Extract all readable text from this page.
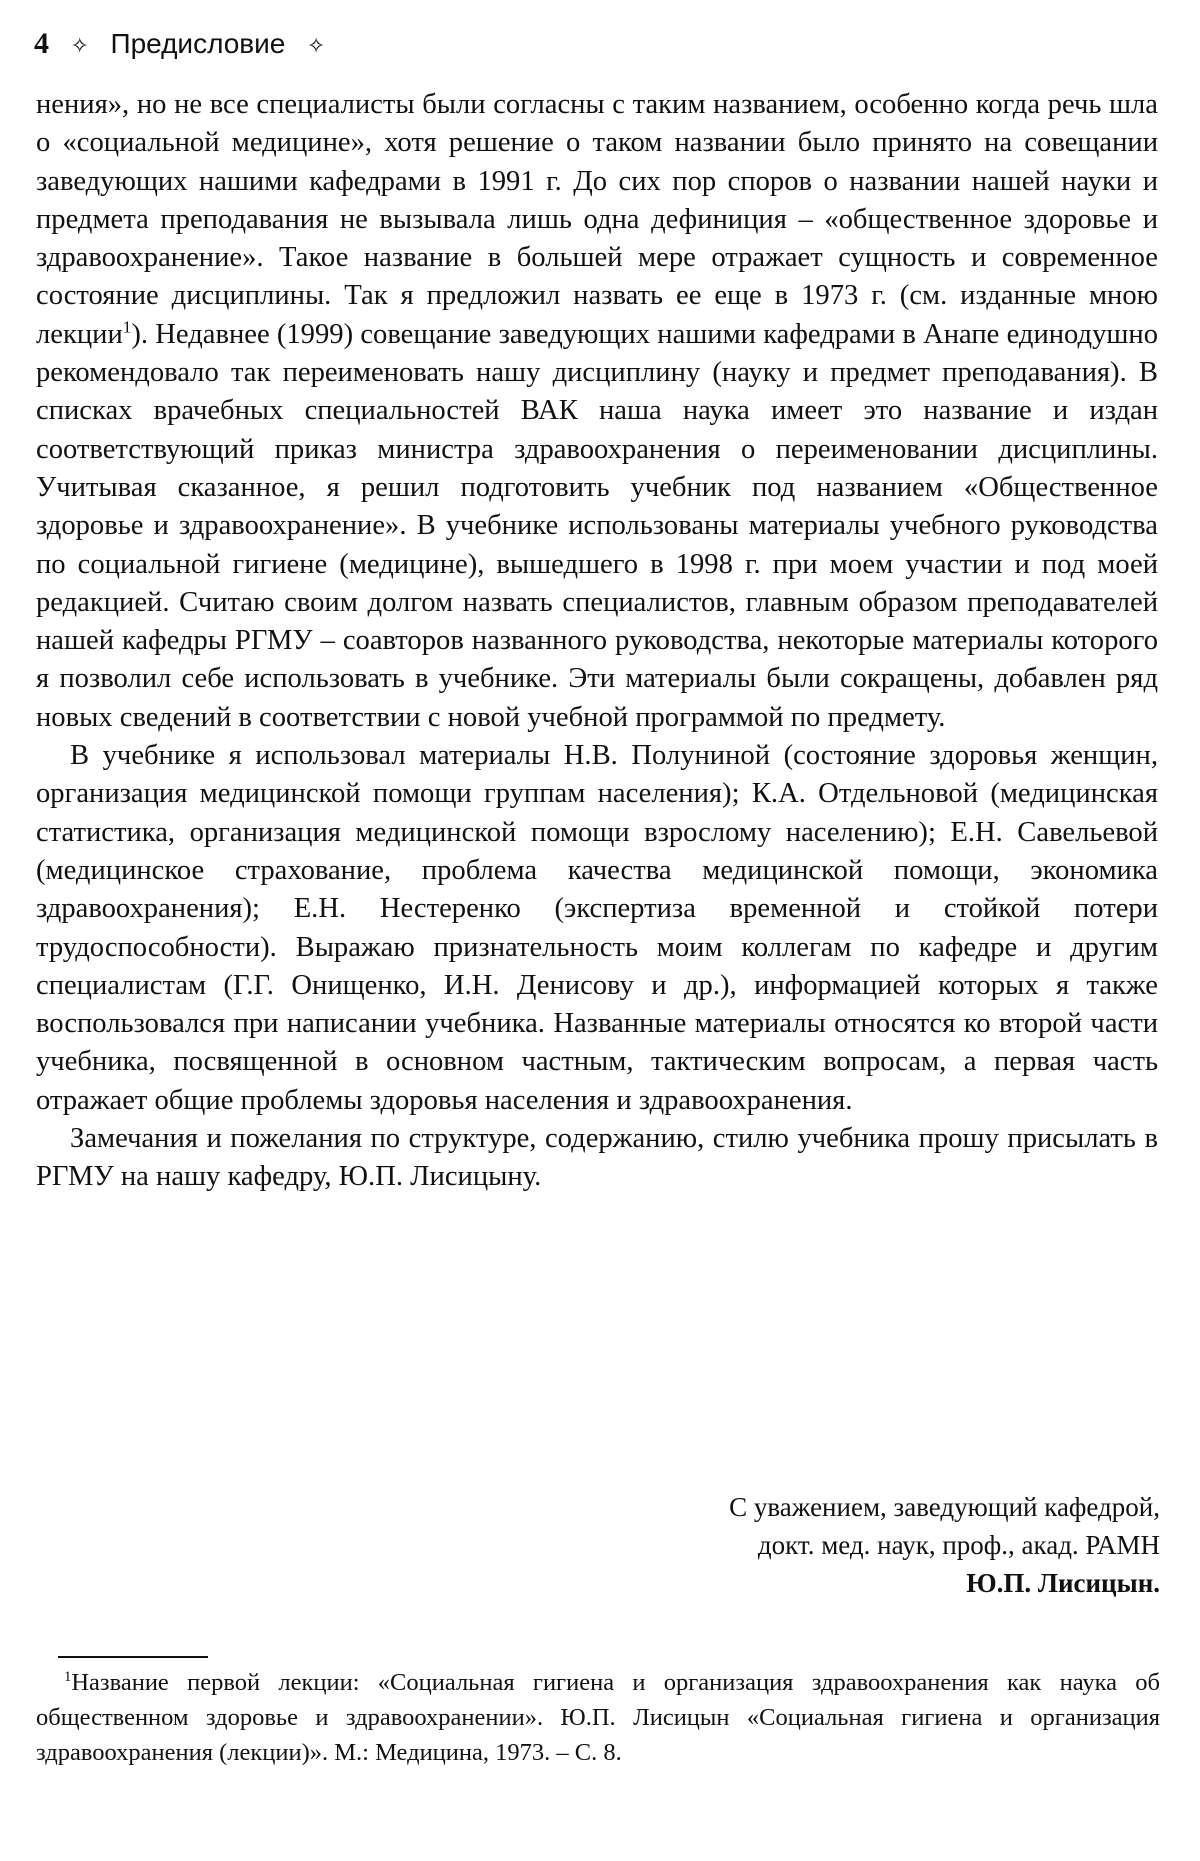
4 ✧ Предисловие ✧

нения», но не все специалисты были согласны с таким названием, особенно когда речь шла о «социальной медицине», хотя решение о таком названии было принято на совещании заведующих нашими кафедрами в 1991 г. До сих пор споров о названии нашей науки и предмета преподавания не вызывала лишь одна дефиниция – «общественное здоровье и здравоохранение». Такое название в большей мере отражает сущность и современное состояние дисциплины. Так я предложил назвать ее еще в 1973 г. (см. изданные мною лекции$^1$). Недавнее (1999) совещание заведующих нашими кафедрами в Анапе единодушно рекомендовало так переименовать нашу дисциплину (науку и предмет преподавания). В списках врачебных специальностей ВАК наша наука имеет это название и издан соответствующий приказ министра здравоохранения о переименовании дисциплины. Учитывая сказанное, я решил подготовить учебник под названием «Общественное здоровье и здравоохранение». В учебнике использованы материалы учебного руководства по социальной гигиене (медицине), вышедшего в 1998 г. при моем участии и под моей редакцией. Считаю своим долгом назвать специалистов, главным образом преподавателей нашей кафедры РГМУ – соавторов названного руководства, некоторые материалы которого я позволил себе использовать в учебнике. Эти материалы были сокращены, добавлен ряд новых сведений в соответствии с новой учебной программой по предмету.

В учебнике я использовал материалы Н.В. Полуниной (состояние здоровья женщин, организация медицинской помощи группам населения); К.А. Отдельновой (медицинская статистика, организация медицинской помощи взрослому населению); Е.Н. Савельевой (медицинское страхование, проблема качества медицинской помощи, экономика здравоохранения); Е.Н. Нестеренко (экспертиза временной и стойкой потери трудоспособности). Выражаю признательность моим коллегам по кафедре и другим специалистам (Г.Г. Онищенко, И.Н. Денисову и др.), информацией которых я также воспользовался при написании учебника. Названные материалы относятся ко второй части учебника, посвященной в основном частным, тактическим вопросам, а первая часть отражает общие проблемы здоровья населения и здравоохранения.

Замечания и пожелания по структуре, содержанию, стилю учебника прошу присылать в РГМУ на нашу кафедру, Ю.П. Лисицыну.

С уважением, заведующий кафедрой,
докт. мед. наук, проф., акад. РАМН
Ю.П. Лисицын.

$^1$Название первой лекции: «Социальная гигиена и организация здравоохранения как наука об общественном здоровье и здравоохранении». Ю.П. Лисицын «Социальная гигиена и организация здравоохранения (лекции)». М.: Медицина, 1973. – С. 8.
